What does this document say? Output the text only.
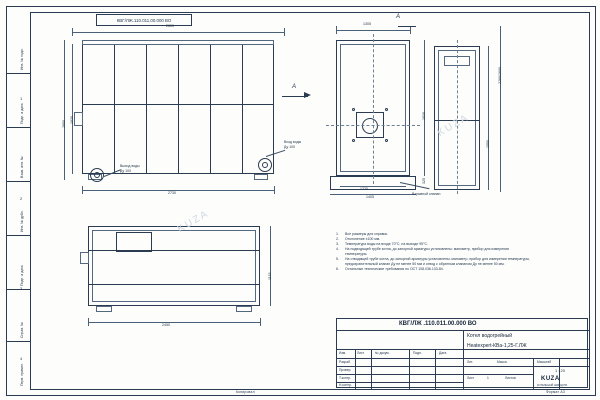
Инв. № подл.
Подп. и дата
Взам. инв. №
Инв. № дубл.
Подп. и дата
Справ. №
Перв. примен.
1
2
3
4
КВГ/ЛЖ.110.011.00.000 ВО
2850
2730
2950 1930
A
Вход воды
Ду 100
Выход воды
Ду 100
1305
1220
1405
1830
325
2260/2600
1550
A
Взрывной клапан
2450
1115
1.	Все размеры для справок.
2.	Отклонение ±100 мм.
3.	Температура воды на входе 70°С, на выходе 95°С.
4.	На подводящей трубе котла, до запорной арматуры установлены: манометр, прибор для измерения температуры.
5.	На отводящей трубе котла, до запорной арматуры установлены: манометр, прибор для измерения температуры, предохранительный клапан Ду не менее 50 мм и отвод с обратным клапаном Ду не менее 50 мм.
6.	Остальные технические требования по ОСТ 108.036.133-84.
КВГ/ЛЖ .110.011.00.000 ВО
Котел водогрейный
Heatexpert-КВа-1,25-Г.ЛЖ
Изм.	Лист	№ докум.	Подп.	Дата
Разраб.
Провер.
Т.контр.
Н.контр.
Лит.	Масса	Масштаб
1 : 20
Лист	1	Листов	KUZA
КОТЕЛЬНЫЙ ЗАВОД РФ
Копировал	Формат A3
KUZA
KUZA
